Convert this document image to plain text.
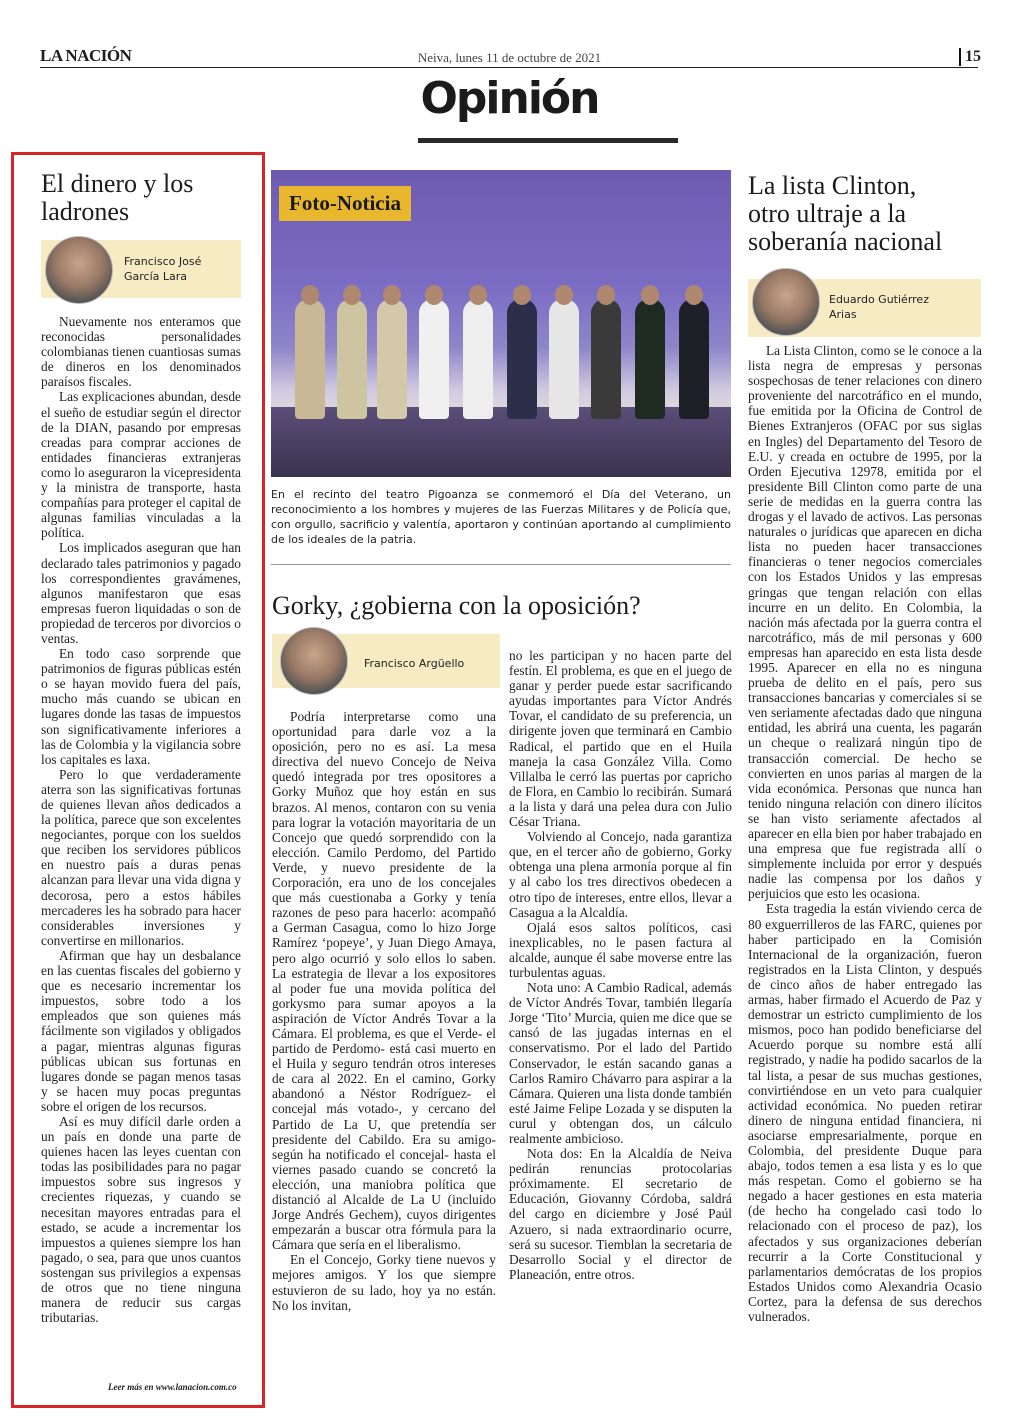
LA NACIÓN	Neiva, lunes 11 de octubre de 2021	15
Opinión
El dinero y los
ladrones
Francisco José
García Lara

Nuevamente nos enteramos que reconocidas personalidades colombianas tienen cuantiosas sumas de dineros en los denominados paraísos fiscales.

Las explicaciones abundan, desde el sueño de estudiar según el director de la DIAN, pasando por empresas creadas para comprar acciones de entidades financieras extranjeras como lo aseguraron la vicepresidenta y la ministra de transporte, hasta compañías para proteger el capital de algunas familias vinculadas a la política.

Los implicados aseguran que han declarado tales patrimonios y pagado los correspondientes gravámenes, algunos manifestaron que esas empresas fueron liquidadas o son de propiedad de terceros por divorcios o ventas.

En todo caso sorprende que patrimonios de figuras públicas estén o se hayan movido fuera del país, mucho más cuando se ubican en lugares donde las tasas de impuestos son significativamente inferiores a las de Colombia y la vigilancia sobre los capitales es laxa.

Pero lo que verdaderamente aterra son las significativas fortunas de quienes llevan años dedicados a la política, parece que son excelentes negociantes, porque con los sueldos que reciben los servidores públicos en nuestro país a duras penas alcanzan para llevar una vida digna y decorosa, pero a estos hábiles mercaderes les ha sobrado para hacer considerables inversiones y convertirse en millonarios.

Afirman que hay un desbalance en las cuentas fiscales del gobierno y que es necesario incrementar los impuestos, sobre todo a los empleados que son quienes más fácilmente son vigilados y obligados a pagar, mientras algunas figuras públicas ubican sus fortunas en lugares donde se pagan menos tasas y se hacen muy pocas preguntas sobre el origen de los recursos.

Así es muy difícil darle orden a un país en donde una parte de quienes hacen las leyes cuentan con todas las posibilidades para no pagar impuestos sobre sus ingresos y crecientes riquezas, y cuando se necesitan mayores entradas para el estado, se acude a incrementar los impuestos a quienes siempre los han pagado, o sea, para que unos cuantos sostengan sus privilegios a expensas de otros que no tiene ninguna manera de reducir sus cargas tributarias.

Leer más en www.lanacion.com.co
Foto-Noticia
En el recinto del teatro Pigoanza se conmemoró el Día del Veterano, un reconocimiento a los hombres y mujeres de las Fuerzas Militares y de Policía que, con orgullo, sacrificio y valentía, aportaron y continúan aportando al cumplimiento de los ideales de la patria.
Gorky, ¿gobierna con la oposición?
Francisco Argüello

Podría interpretarse como una oportunidad para darle voz a la oposición, pero no es así. La mesa directiva del nuevo Concejo de Neiva quedó integrada por tres opositores a Gorky Muñoz que hoy están en sus brazos. Al menos, contaron con su venia para lograr la votación mayoritaria de un Concejo que quedó sorprendido con la elección. Camilo Perdomo, del Partido Verde, y nuevo presidente de la Corporación, era uno de los concejales que más cuestionaba a Gorky y tenía razones de peso para hacerlo: acompañó a German Casagua, como lo hizo Jorge Ramírez ‘popeye’, y Juan Diego Amaya, pero algo ocurrió y solo ellos lo saben. La estrategia de llevar a los expositores al poder fue una movida política del gorkysmo para sumar apoyos a la aspiración de Víctor Andrés Tovar a la Cámara. El problema, es que el Verde- el partido de Perdomo- está casi muerto en el Huila y seguro tendrán otros intereses de cara al 2022. En el camino, Gorky abandonó a Néstor Rodríguez- el concejal más votado-, y cercano del Partido de La U, que pretendía ser presidente del Cabildo. Era su amigo- según ha notificado el concejal- hasta el viernes pasado cuando se concretó la elección, una maniobra política que distanció al Alcalde de La U (incluido Jorge Andrés Gechem), cuyos dirigentes empezarán a buscar otra fórmula para la Cámara que sería en el liberalismo.

En el Concejo, Gorky tiene nuevos y mejores amigos. Y los que siempre estuvieron de su lado, hoy ya no están. No los invitan,

no les participan y no hacen parte del festín. El problema, es que en el juego de ganar y perder puede estar sacrificando ayudas importantes para Víctor Andrés Tovar, el candidato de su preferencia, un dirigente joven que terminará en Cambio Radical, el partido que en el Huila maneja la casa González Villa. Como Villalba le cerró las puertas por capricho de Flora, en Cambio lo recibirán. Sumará a la lista y dará una pelea dura con Julio César Triana.

Volviendo al Concejo, nada garantiza que, en el tercer año de gobierno, Gorky obtenga una plena armonía porque al fin y al cabo los tres directivos obedecen a otro tipo de intereses, entre ellos, llevar a Casagua a la Alcaldía.

Ojalá esos saltos políticos, casi inexplicables, no le pasen factura al alcalde, aunque él sabe moverse entre las turbulentas aguas.

Nota uno: A Cambio Radical, además de Víctor Andrés Tovar, también llegaría Jorge ‘Tito’ Murcia, quien me dice que se cansó de las jugadas internas en el conservatismo. Por el lado del Partido Conservador, le están sacando ganas a Carlos Ramiro Chávarro para aspirar a la Cámara. Quieren una lista donde también esté Jaime Felipe Lozada y se disputen la curul y obtengan dos, un cálculo realmente ambicioso.

Nota dos: En la Alcaldía de Neiva pedirán renuncias protocolarias próximamente. El secretario de Educación, Giovanny Córdoba, saldrá del cargo en diciembre y José Paúl Azuero, si nada extraordinario ocurre, será su sucesor. Tiemblan la secretaria de Desarrollo Social y el director de Planeación, entre otros.

La lista Clinton,
otro ultraje a la
soberanía nacional
Eduardo Gutiérrez
Arias

La Lista Clinton, como se le conoce a la lista negra de empresas y personas sospechosas de tener relaciones con dinero proveniente del narcotráfico en el mundo, fue emitida por la Oficina de Control de Bienes Extranjeros (OFAC por sus siglas en Ingles) del Departamento del Tesoro de E.U. y creada en octubre de 1995, por la Orden Ejecutiva 12978, emitida por el presidente Bill Clinton como parte de una serie de medidas en la guerra contra las drogas y el lavado de activos. Las personas naturales o jurídicas que aparecen en dicha lista no pueden hacer transacciones financieras o tener negocios comerciales con los Estados Unidos y las empresas gringas que tengan relación con ellas incurre en un delito. En Colombia, la nación más afectada por la guerra contra el narcotráfico, más de mil personas y 600 empresas han aparecido en esta lista desde 1995. Aparecer en ella no es ninguna prueba de delito en el país, pero sus transacciones bancarias y comerciales si se ven seriamente afectadas dado que ninguna entidad, les abrirá una cuenta, les pagarán un cheque o realizará ningún tipo de transacción comercial. De hecho se convierten en unos parias al margen de la vida económica. Personas que nunca han tenido ninguna relación con dinero ilícitos se han visto seriamente afectados al aparecer en ella bien por haber trabajado en una empresa que fue registrada allí o simplemente incluida por error y después nadie las compensa por los daños y perjuicios que esto les ocasiona.

Esta tragedia la están viviendo cerca de 80 exguerrilleros de las FARC, quienes por haber participado en la Comisión Internacional de la organización, fueron registrados en la Lista Clinton, y después de cinco años de haber entregado las armas, haber firmado el Acuerdo de Paz y demostrar un estricto cumplimiento de los mismos, poco han podido beneficiarse del Acuerdo porque su nombre está allí registrado, y nadie ha podido sacarlos de la tal lista, a pesar de sus muchas gestiones, convirtiéndose en un veto para cualquier actividad económica. No pueden retirar dinero de ninguna entidad financiera, ni asociarse empresarialmente, porque en Colombia, del presidente Duque para abajo, todos temen a esa lista y es lo que más respetan. Como el gobierno se ha negado a hacer gestiones en esta materia (de hecho ha congelado casi todo lo relacionado con el proceso de paz), los afectados y sus organizaciones deberían recurrir a la Corte Constitucional y parlamentarios demócratas de los propios Estados Unidos como Alexandria Ocasio Cortez, para la defensa de sus derechos vulnerados.
